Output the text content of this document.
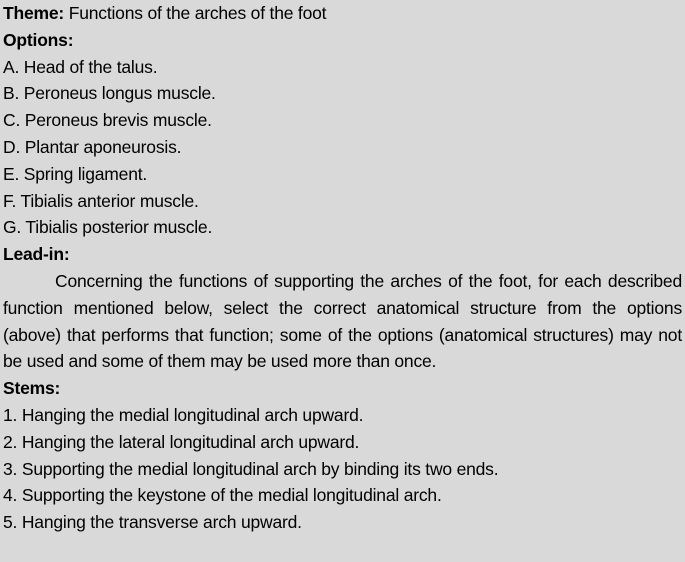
Theme: Functions of the arches of the foot
Options:
A. Head of the talus.
B. Peroneus longus muscle.
C. Peroneus brevis muscle.
D. Plantar aponeurosis.
E. Spring ligament.
F. Tibialis anterior muscle.
G. Tibialis posterior muscle.
Lead-in:
Concerning the functions of supporting the arches of the foot, for each described function mentioned below, select the correct anatomical structure from the options (above) that performs that function; some of the options (anatomical structures) may not be used and some of them may be used more than once.
Stems:
1. Hanging the medial longitudinal arch upward.
2. Hanging the lateral longitudinal arch upward.
3. Supporting the medial longitudinal arch by binding its two ends.
4. Supporting the keystone of the medial longitudinal arch.
5. Hanging the transverse arch upward.
